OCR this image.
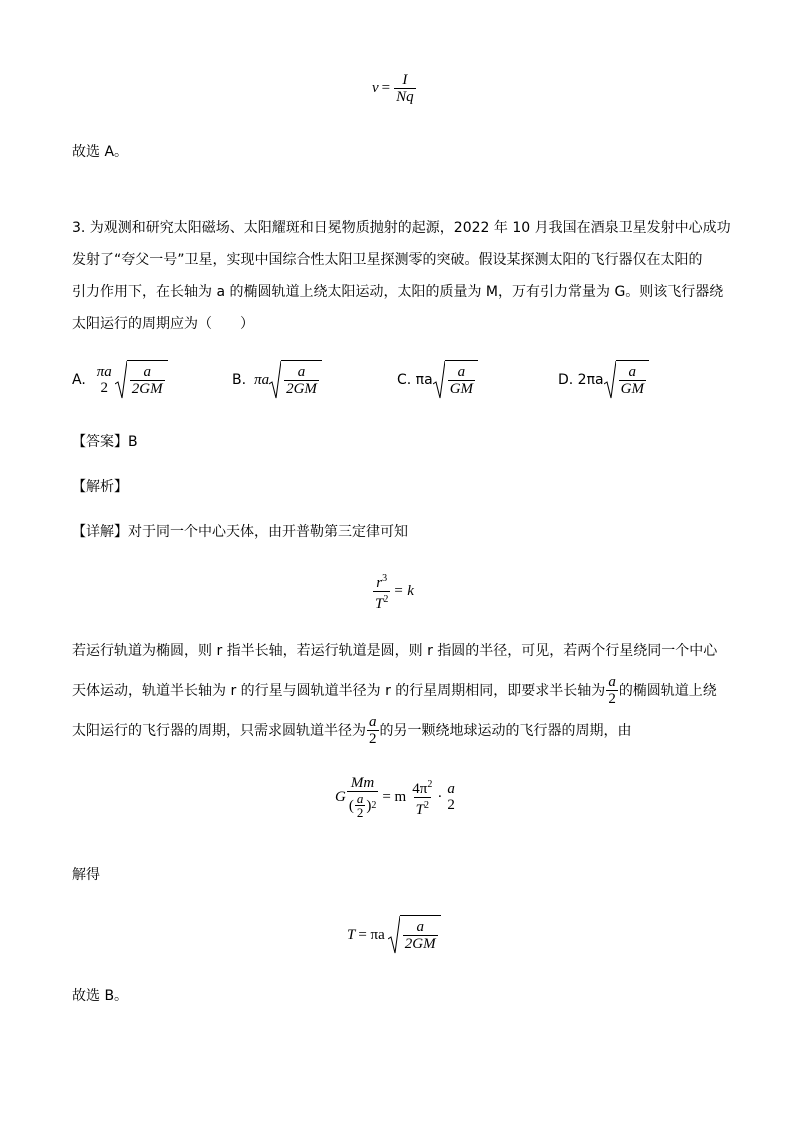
$v = \frac{I}{Nq}$
故选 A。
3. 为观测和研究太阳磁场、太阳耀斑和日冕物质抛射的起源，2022 年 10 月我国在酒泉卫星发射中心成功
发射了“夸父一号”卫星，实现中国综合性太阳卫星探测零的突破。假设某探测太阳的飞行器仅在太阳的
引力作用下，在长轴为 a 的椭圆轨道上绕太阳运动，太阳的质量为 M，万有引力常量为 G。则该飞行器绕
太阳运行的周期应为（　　）
A. πa
$2 \frac{a}{2GM}$	B. πa $\frac{a}{2GM}$	C. πa $\frac{a}{GM}$	D. $2\pi a \frac{a}{GM}$
【答案】B
【解析】
【详解】对于同一个中心天体，由开普勒第三定律可知
$\frac{r^3}{T^2} = k$
若运行轨道为椭圆，则 r 指半长轴，若运行轨道是圆，则 r 指圆的半径，可见，若两个行星绕同一个中心
天体运动，轨道半长轴为 r 的行星与圆轨道半径为 r 的行星周期相同，即要求半长轴为 $\frac{a}{2}$ 的椭圆轨道上绕
太阳运行的飞行器的周期，只需求圆轨道半径为 $\frac{a}{2}$ 的另一颗绕地球运动的飞行器的周期，由
G $\frac{Mm}{( \frac{a}{2} ) 2} = m \frac{4\pi^2}{T^2} \cdot a$
2
解得
T = πa $\frac{a}{2GM}$
故选 B。
